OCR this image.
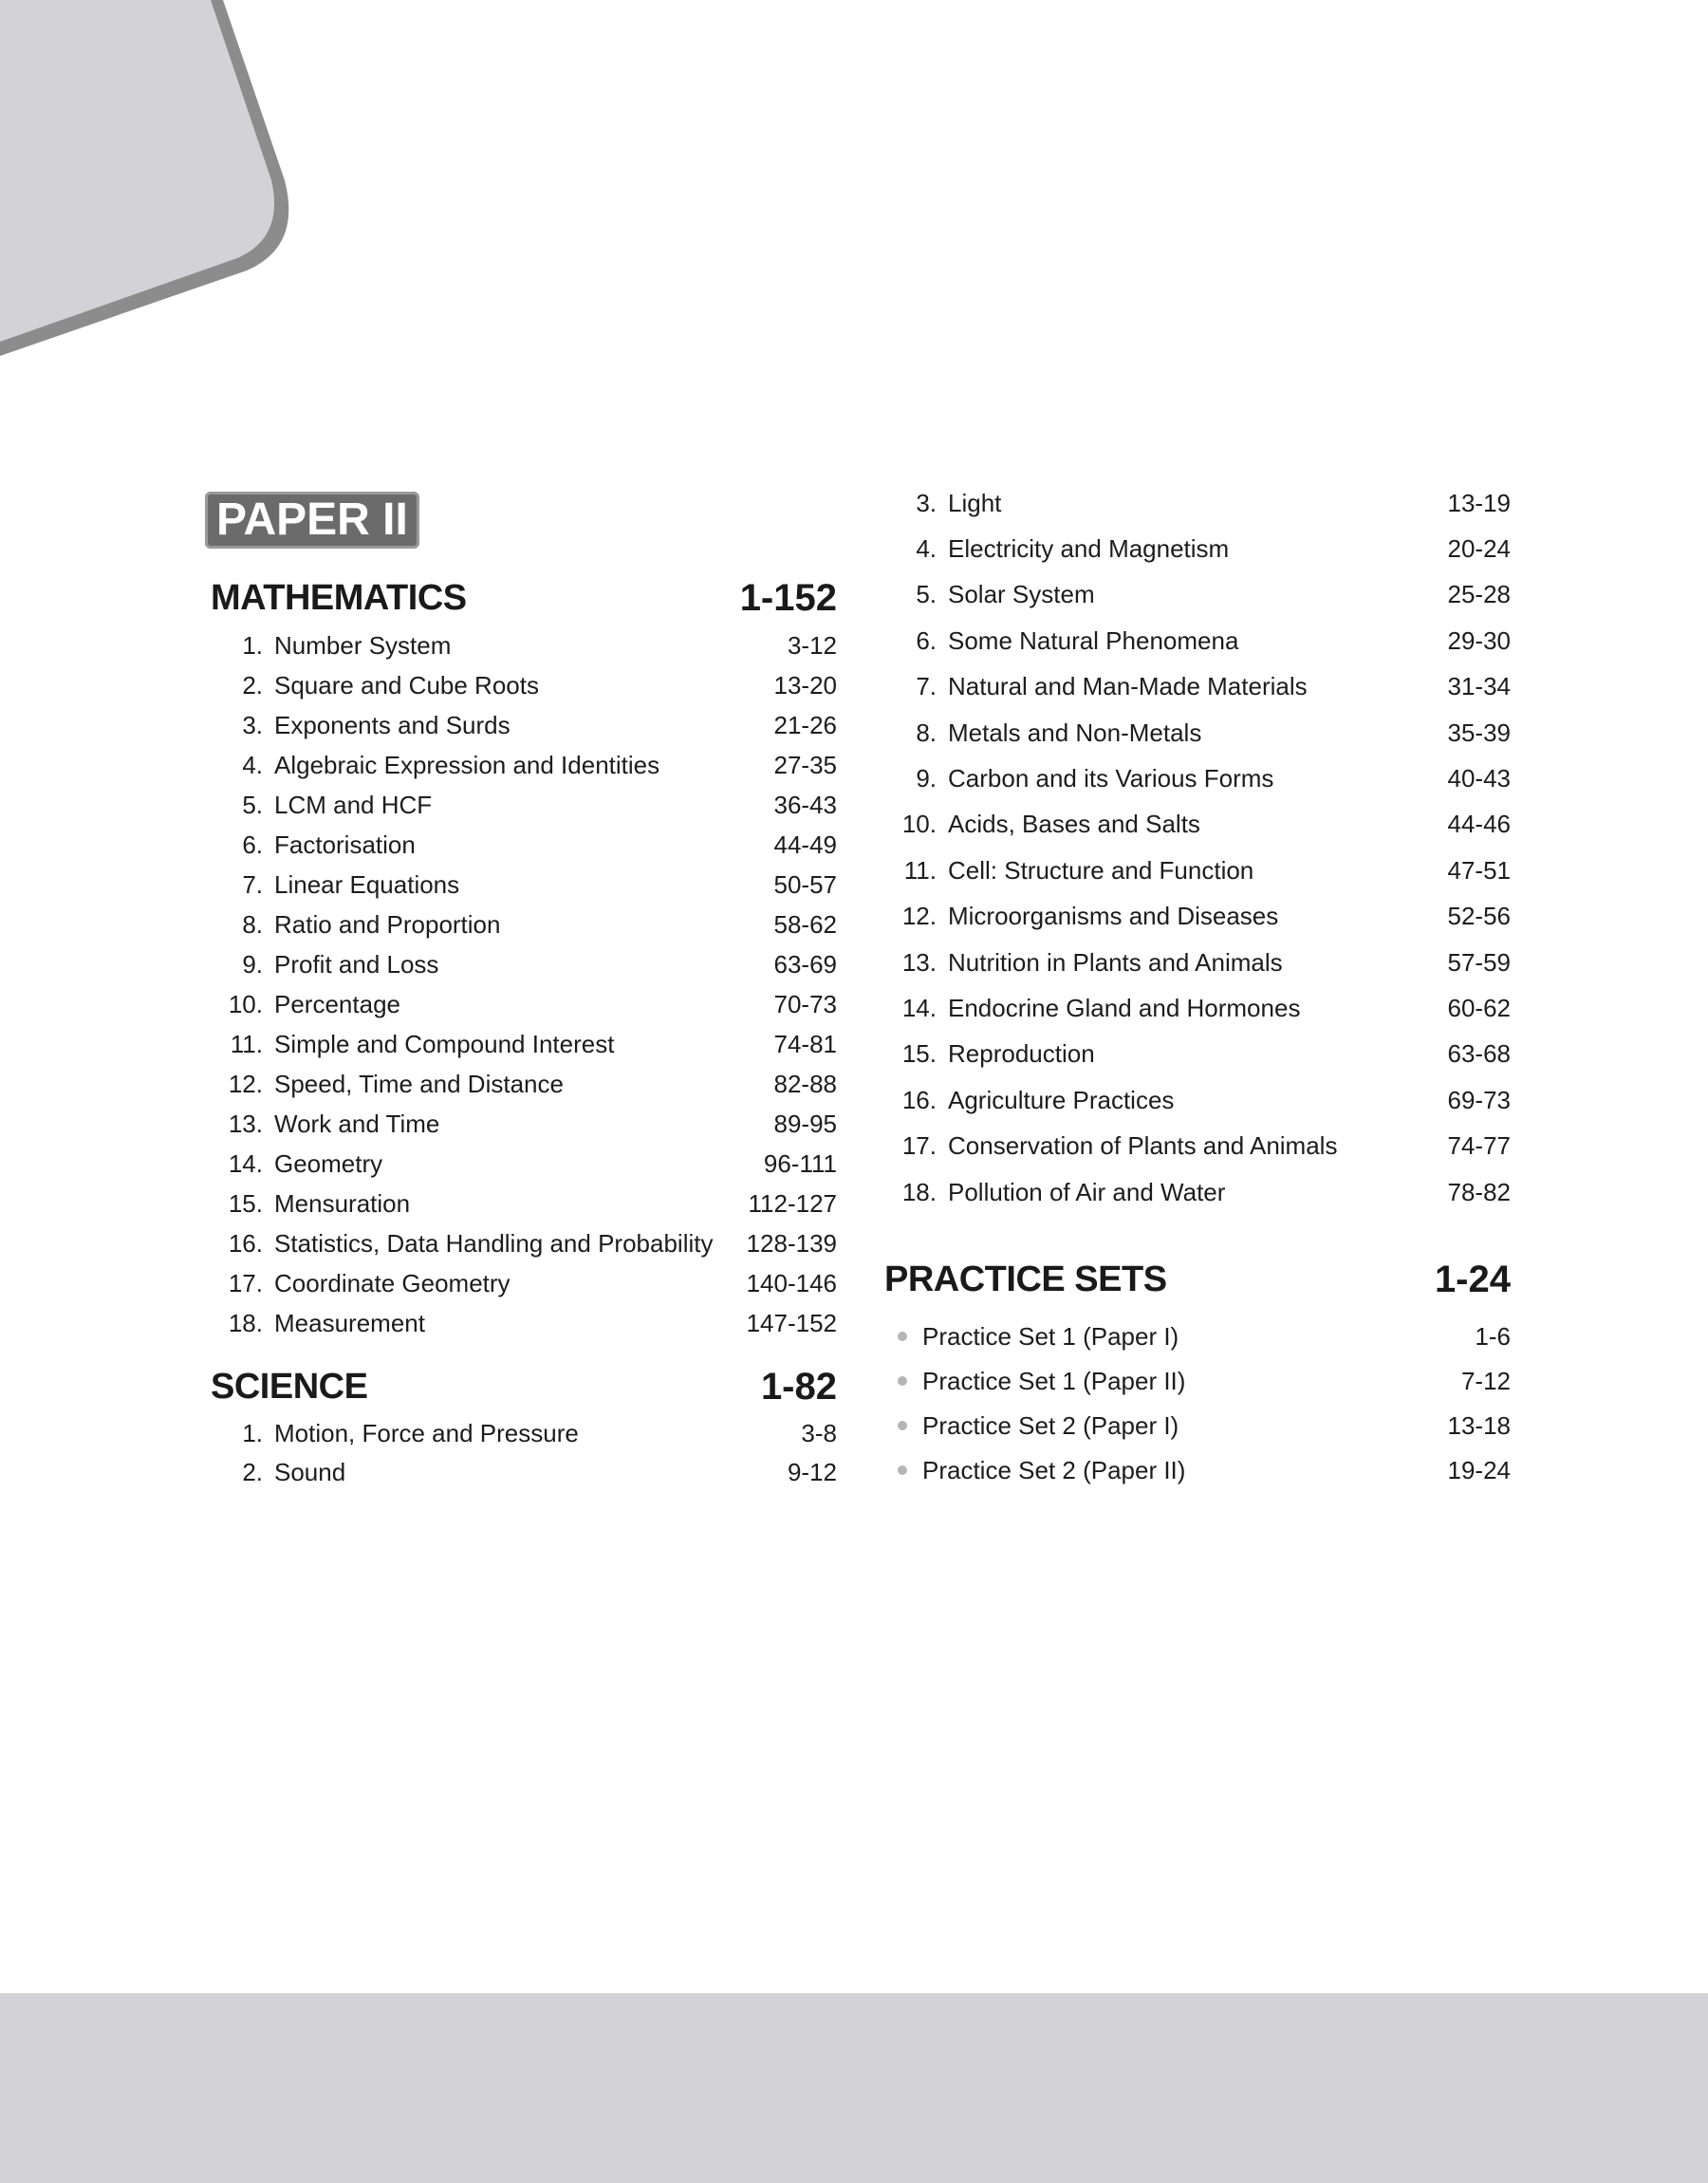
PAPER II
MATHEMATICS	1-152
1. Number System	3-12
2. Square and Cube Roots	13-20
3. Exponents and Surds	21-26
4. Algebraic Expression and Identities	27-35
5. LCM and HCF	36-43
6. Factorisation	44-49
7. Linear Equations	50-57
8. Ratio and Proportion	58-62
9. Profit and Loss	63-69
10. Percentage	70-73
11. Simple and Compound Interest	74-81
12. Speed, Time and Distance	82-88
13. Work and Time	89-95
14. Geometry	96-111
15. Mensuration	112-127
16. Statistics, Data Handling and Probability	128-139
17. Coordinate Geometry	140-146
18. Measurement	147-152
SCIENCE	1-82
1. Motion, Force and Pressure	3-8
2. Sound	9-12
3. Light	13-19
4. Electricity and Magnetism	20-24
5. Solar System	25-28
6. Some Natural Phenomena	29-30
7. Natural and Man-Made Materials	31-34
8. Metals and Non-Metals	35-39
9. Carbon and its Various Forms	40-43
10. Acids, Bases and Salts	44-46
11. Cell: Structure and Function	47-51
12. Microorganisms and Diseases	52-56
13. Nutrition in Plants and Animals	57-59
14. Endocrine Gland and Hormones	60-62
15. Reproduction	63-68
16. Agriculture Practices	69-73
17. Conservation of Plants and Animals	74-77
18. Pollution of Air and Water	78-82
PRACTICE SETS	1-24
Practice Set 1 (Paper I)	1-6
Practice Set 1 (Paper II)	7-12
Practice Set 2 (Paper I)	13-18
Practice Set 2 (Paper II)	19-24
